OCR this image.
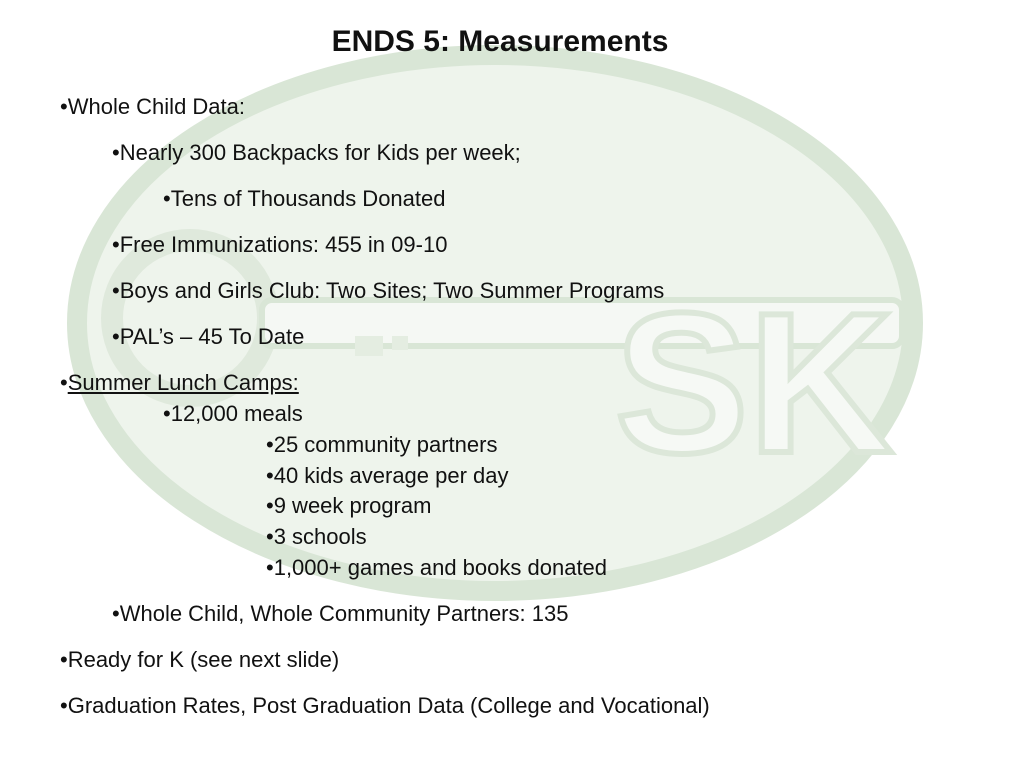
SK
ENDS 5: Measurements
•Whole Child Data:
•Nearly 300 Backpacks for Kids per week;
•Tens of Thousands Donated
•Free Immunizations: 455 in 09-10
•Boys and Girls Club: Two Sites; Two Summer Programs
•PAL’s – 45 To Date
•Summer Lunch Camps:
•12,000 meals
•25 community partners
•40 kids average per day
•9 week program
•3 schools
•1,000+ games and books donated
•Whole Child, Whole Community Partners: 135
•Ready for K (see next slide)
•Graduation Rates, Post Graduation Data (College and Vocational)
